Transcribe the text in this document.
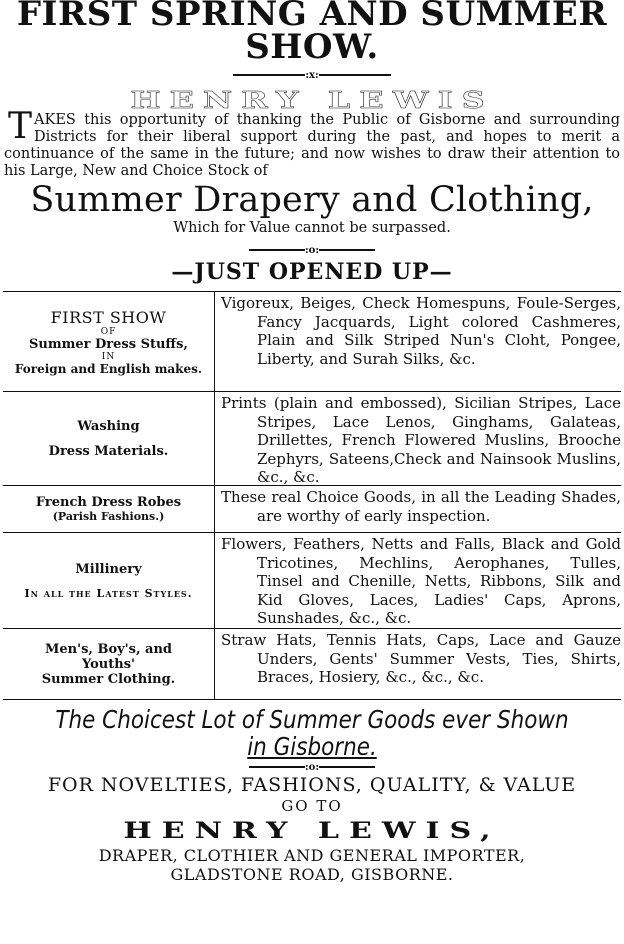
FIRST SPRING AND SUMMER
SHOW.
:x:
HENRY LEWIS
TAKES this opportunity of thanking the Public of Gisborne and surrounding Districts for their liberal support during the past, and hopes to merit a continuance of the same in the future; and now wishes to draw their attention to his Large, New and Choice Stock of
Summer Drapery and Clothing,
Which for Value cannot be surpassed.
:o:
—JUST OPENED UP—
FIRST SHOW
OF
Summer Dress Stuffs,
IN
Foreign and English makes.
Vigoreux, Beiges, Check Homespuns, Foule-Serges, Fancy Jacquards, Light colored Cashmeres, Plain and Silk Striped Nun's Cloht, Pongee, Liberty, and Surah Silks, &c.
Washing
Dress Materials.
Prints (plain and embossed), Sicilian Stripes, Lace Stripes, Lace Lenos, Ginghams, Galateas, Drillettes, French Flowered Muslins, Brooche Zephyrs, Sateens,Check and Nainsook Muslins, &c., &c.
French Dress Robes
(Parish Fashions.)
These real Choice Goods, in all the Leading Shades, are worthy of early inspection.
Millinery
In all the Latest Styles.
Flowers, Feathers, Netts and Falls, Black and Gold Tricotines, Mechlins, Aerophanes, Tulles, Tinsel and Chenille, Netts, Ribbons, Silk and Kid Gloves, Laces, Ladies' Caps, Aprons, Sunshades, &c., &c.
Men's, Boy's, and
Youths'
Summer Clothing.
Straw Hats, Tennis Hats, Caps, Lace and Gauze Unders, Gents' Summer Vests, Ties, Shirts, Braces, Hosiery, &c., &c., &c.
The Choicest Lot of Summer Goods ever Shown
in Gisborne.
:o:
FOR NOVELTIES, FASHIONS, QUALITY, & VALUE
GO TO
HENRY LEWIS,
DRAPER, CLOTHIER AND GENERAL IMPORTER,
GLADSTONE ROAD, GISBORNE.
